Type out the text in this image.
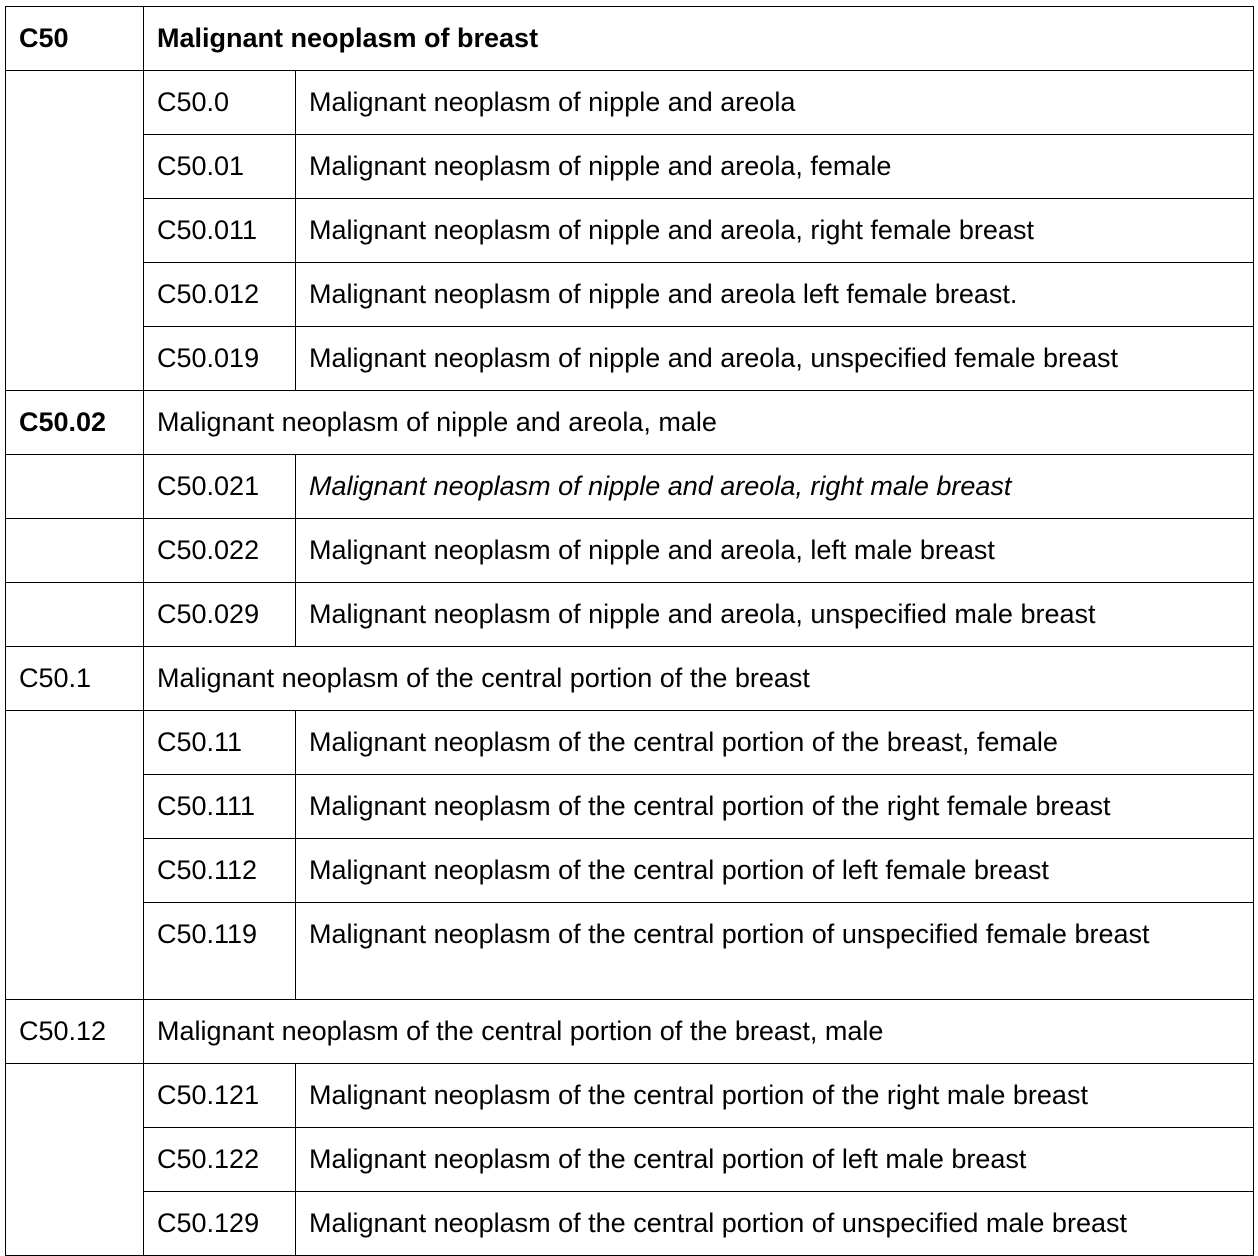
C50	Malignant neoplasm of breast	
	C50.0	Malignant neoplasm of nipple and areola
	C50.01	Malignant neoplasm of nipple and areola, female
	C50.011	Malignant neoplasm of nipple and areola, right female breast
	C50.012	Malignant neoplasm of nipple and areola left female breast.
	C50.019	Malignant neoplasm of nipple and areola, unspecified female breast
C50.02	Malignant neoplasm of nipple and areola, male	
	C50.021	Malignant neoplasm of nipple and areola, right male breast
	C50.022	Malignant neoplasm of nipple and areola, left male breast
	C50.029	Malignant neoplasm of nipple and areola, unspecified male breast
C50.1	Malignant neoplasm of the central portion of the breast	
	C50.11	Malignant neoplasm of the central portion of the breast, female
	C50.111	Malignant neoplasm of the central portion of the right female breast
	C50.112	Malignant neoplasm of the central portion of left female breast
	C50.119	Malignant neoplasm of the central portion of unspecified female breast
C50.12	Malignant neoplasm of the central portion of the breast, male	
	C50.121	Malignant neoplasm of the central portion of the right male breast
	C50.122	Malignant neoplasm of the central portion of left male breast
	C50.129	Malignant neoplasm of the central portion of unspecified male breast
